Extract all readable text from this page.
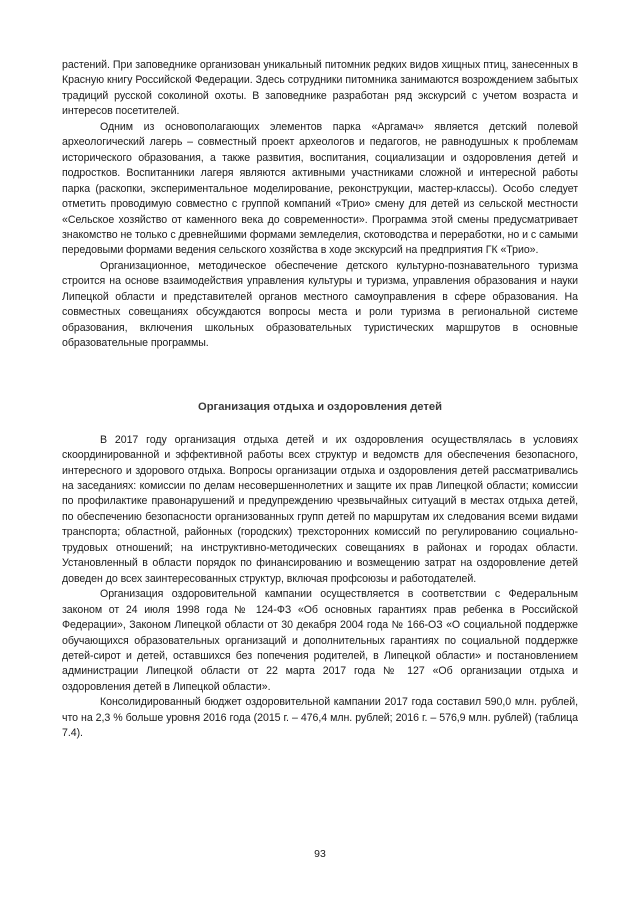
растений. При заповеднике организован уникальный питомник редких видов хищных птиц, занесенных в Красную книгу Российской Федерации. Здесь сотрудники питомника занимаются возрождением забытых традиций русской соколиной охоты. В заповеднике разработан ряд экскурсий с учетом возраста и интересов посетителей.

Одним из основополагающих элементов парка «Аргамач» является детский полевой археологический лагерь – совместный проект археологов и педагогов, не равнодушных к проблемам исторического образования, а также развития, воспитания, социализации и оздоровления детей и подростков. Воспитанники лагеря являются активными участниками сложной и интересной работы парка (раскопки, экспериментальное моделирование, реконструкции, мастер-классы). Особо следует отметить проводимую совместно с группой компаний «Трио» смену для детей из сельской местности «Сельское хозяйство от каменного века до современности». Программа этой смены предусматривает знакомство не только с древнейшими формами земледелия, скотоводства и переработки, но и с самыми передовыми формами ведения сельского хозяйства в ходе экскурсий на предприятия ГК «Трио».

Организационное, методическое обеспечение детского культурно-познавательного туризма строится на основе взаимодействия управления культуры и туризма, управления образования и науки Липецкой области и представителей органов местного самоуправления в сфере образования. На совместных совещаниях обсуждаются вопросы места и роли туризма в региональной системе образования, включения школьных образовательных туристических маршрутов в основные образовательные программы.

Организация отдыха и оздоровления детей

В 2017 году организация отдыха детей и их оздоровления осуществлялась в условиях скоординированной и эффективной работы всех структур и ведомств для обеспечения безопасного, интересного и здорового отдыха. Вопросы организации отдыха и оздоровления детей рассматривались на заседаниях: комиссии по делам несовершеннолетних и защите их прав Липецкой области; комиссии по профилактике правонарушений и предупреждению чрезвычайных ситуаций в местах отдыха детей, по обеспечению безопасности организованных групп детей по маршрутам их следования всеми видами транспорта; областной, районных (городских) трехсторонних комиссий по регулированию социально-трудовых отношений; на инструктивно-методических совещаниях в районах и городах области. Установленный в области порядок по финансированию и возмещению затрат на оздоровление детей доведен до всех заинтересованных структур, включая профсоюзы и работодателей.

Организация оздоровительной кампании осуществляется в соответствии с Федеральным законом от 24 июля 1998 года № 124-ФЗ «Об основных гарантиях прав ребенка в Российской Федерации», Законом Липецкой области от 30 декабря 2004 года № 166-ОЗ «О социальной поддержке обучающихся образовательных организаций и дополнительных гарантиях по социальной поддержке детей-сирот и детей, оставшихся без попечения родителей, в Липецкой области» и постановлением администрации Липецкой области от 22 марта 2017 года № 127 «Об организации отдыха и оздоровления детей в Липецкой области».

Консолидированный бюджет оздоровительной кампании 2017 года составил 590,0 млн. рублей, что на 2,3 % больше уровня 2016 года (2015 г. – 476,4 млн. рублей; 2016 г. – 576,9 млн. рублей) (таблица 7.4).

93
